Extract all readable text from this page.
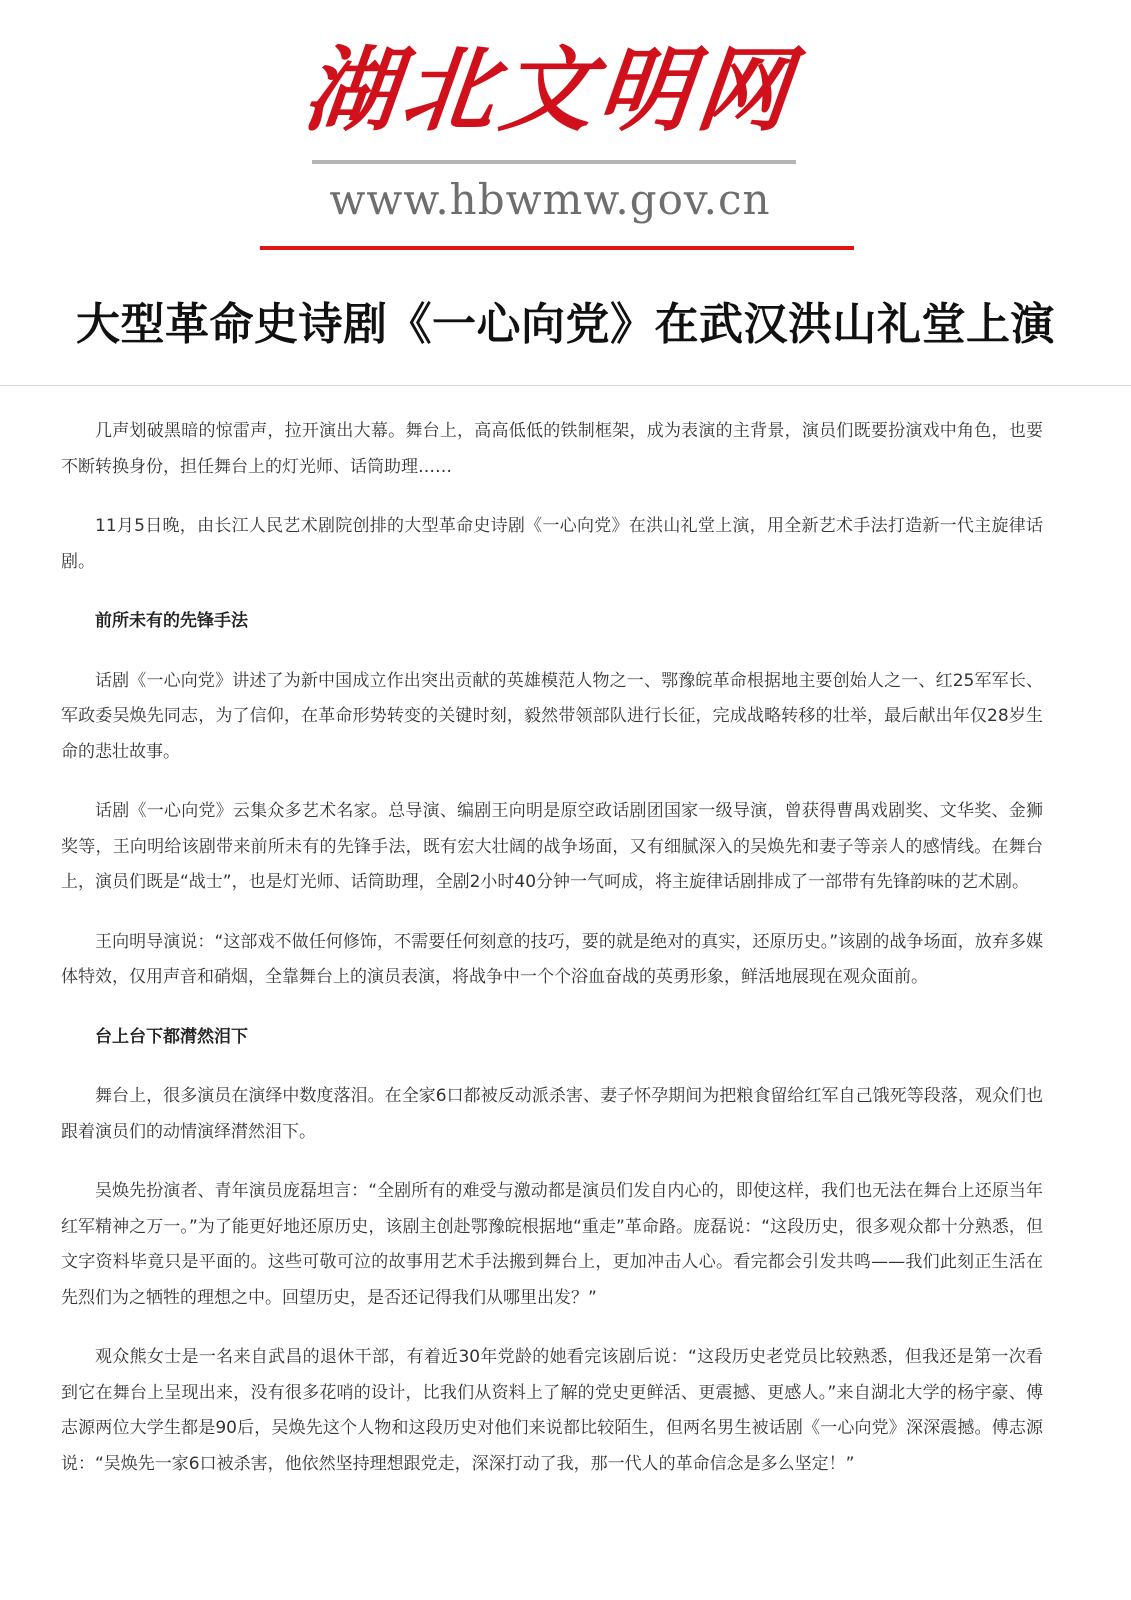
湖北文明网
www.hbwmw.gov.cn
大型革命史诗剧《一心向党》在武汉洪山礼堂上演

几声划破黑暗的惊雷声，拉开演出大幕。舞台上，高高低低的铁制框架，成为表演的主背景，演员们既要扮演戏中角色，也要不断转换身份，担任舞台上的灯光师、话筒助理……

11月5日晚，由长江人民艺术剧院创排的大型革命史诗剧《一心向党》在洪山礼堂上演，用全新艺术手法打造新一代主旋律话剧。

前所未有的先锋手法

话剧《一心向党》讲述了为新中国成立作出突出贡献的英雄模范人物之一、鄂豫皖革命根据地主要创始人之一、红25军军长、军政委吴焕先同志，为了信仰，在革命形势转变的关键时刻，毅然带领部队进行长征，完成战略转移的壮举，最后献出年仅28岁生命的悲壮故事。

话剧《一心向党》云集众多艺术名家。总导演、编剧王向明是原空政话剧团国家一级导演，曾获得曹禺戏剧奖、文华奖、金狮奖等，王向明给该剧带来前所未有的先锋手法，既有宏大壮阔的战争场面，又有细腻深入的吴焕先和妻子等亲人的感情线。在舞台上，演员们既是“战士”，也是灯光师、话筒助理，全剧2小时40分钟一气呵成，将主旋律话剧排成了一部带有先锋韵味的艺术剧。

王向明导演说：“这部戏不做任何修饰，不需要任何刻意的技巧，要的就是绝对的真实，还原历史。”该剧的战争场面，放弃多媒体特效，仅用声音和硝烟，全靠舞台上的演员表演，将战争中一个个浴血奋战的英勇形象，鲜活地展现在观众面前。

台上台下都潸然泪下

舞台上，很多演员在演绎中数度落泪。在全家6口都被反动派杀害、妻子怀孕期间为把粮食留给红军自己饿死等段落，观众们也跟着演员们的动情演绎潸然泪下。

吴焕先扮演者、青年演员庞磊坦言：“全剧所有的难受与激动都是演员们发自内心的，即使这样，我们也无法在舞台上还原当年红军精神之万一。”为了能更好地还原历史，该剧主创赴鄂豫皖根据地“重走”革命路。庞磊说：“这段历史，很多观众都十分熟悉，但文字资料毕竟只是平面的。这些可敬可泣的故事用艺术手法搬到舞台上，更加冲击人心。看完都会引发共鸣——我们此刻正生活在先烈们为之牺牲的理想之中。回望历史，是否还记得我们从哪里出发？”

观众熊女士是一名来自武昌的退休干部，有着近30年党龄的她看完该剧后说：“这段历史老党员比较熟悉，但我还是第一次看到它在舞台上呈现出来，没有很多花哨的设计，比我们从资料上了解的党史更鲜活、更震撼、更感人。”来自湖北大学的杨宇豪、傅志源两位大学生都是90后，吴焕先这个人物和这段历史对他们来说都比较陌生，但两名男生被话剧《一心向党》深深震撼。傅志源说：“吴焕先一家6口被杀害，他依然坚持理想跟党走，深深打动了我，那一代人的革命信念是多么坚定！”
